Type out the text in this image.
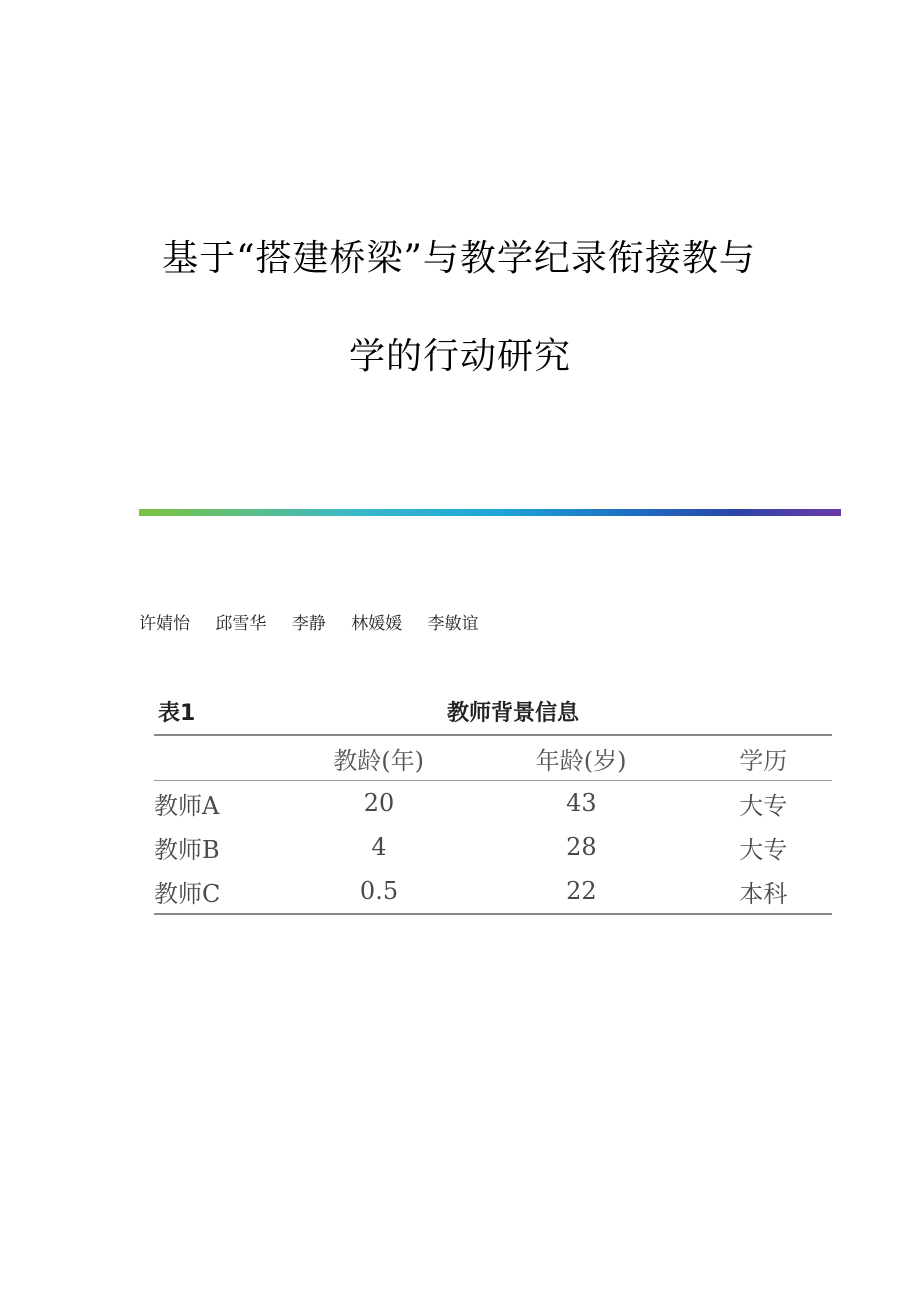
基于“搭建桥梁”与教学纪录衔接教与
学的行动研究
许婧怡 邱雪华 李静 林媛媛 李敏谊
表1	教师背景信息
	教龄(年)	年龄(岁)	学历
教师A	20	43	大专
教师B	4	28	大专
教师C	0.5	22	本科
